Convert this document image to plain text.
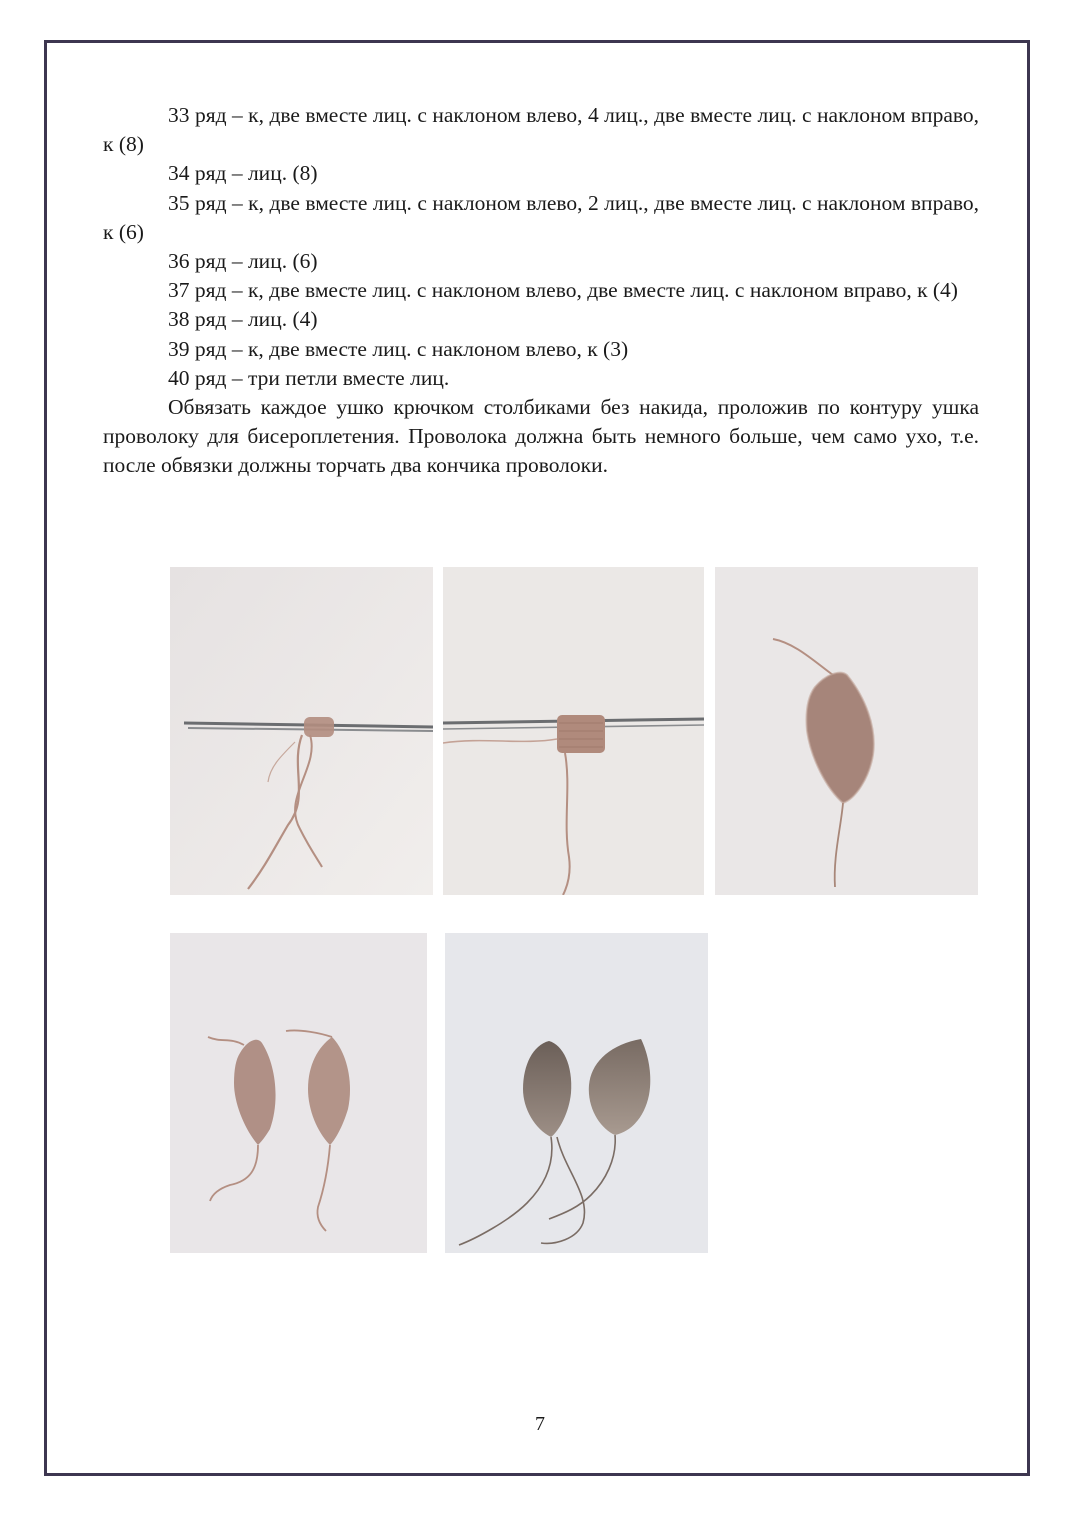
33 ряд – к, две вместе лиц. с наклоном влево, 4 лиц., две вместе лиц. с наклоном вправо, к (8)

34 ряд – лиц. (8)

35 ряд – к, две вместе лиц. с наклоном влево, 2 лиц., две вместе лиц. с наклоном вправо, к (6)

36 ряд – лиц. (6)

37 ряд – к, две вместе лиц. с наклоном влево, две вместе лиц. с наклоном вправо, к (4)

38 ряд – лиц. (4)

39 ряд – к, две вместе лиц. с наклоном влево, к (3)

40 ряд – три петли вместе лиц.

Обвязать каждое ушко крючком столбиками без накида, проложив по контуру ушка проволоку для бисероплетения. Проволока должна быть немного больше, чем само ухо, т.е. после обвязки должны торчать два кончика проволоки.

7
